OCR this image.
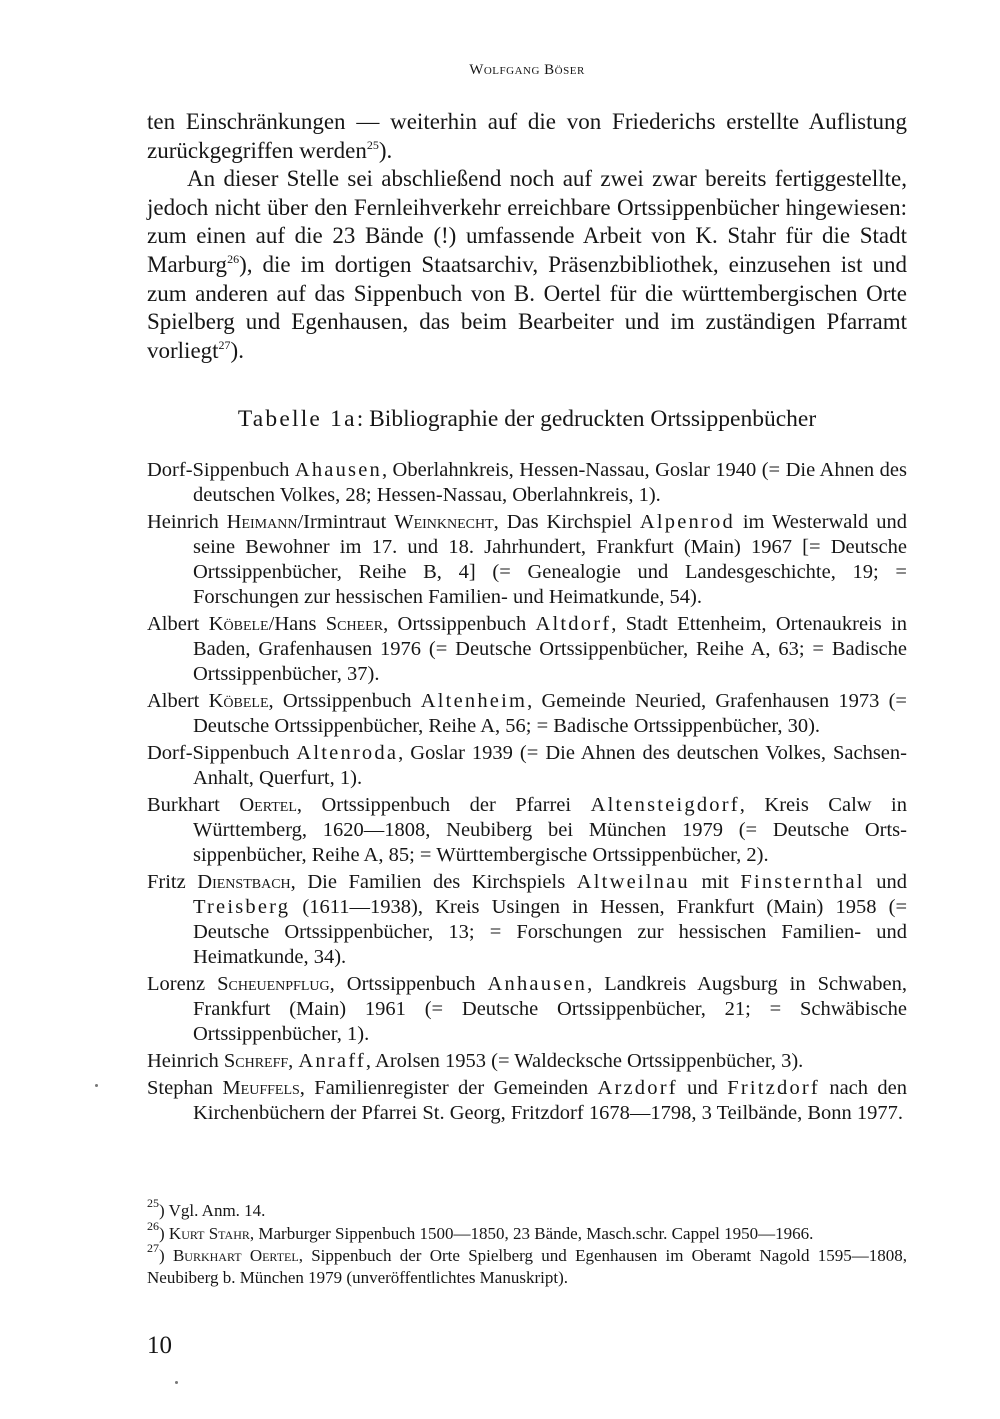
Wolfgang Böser

ten Einschränkungen — weiterhin auf die von Friederichs erstellte Auflistung zurückgegriffen werden$^{25}$).

An dieser Stelle sei abschließend noch auf zwei zwar bereits fertiggestellte, jedoch nicht über den Fernleihverkehr erreichbare Ortssippenbücher hingewiesen: zum einen auf die 23 Bände (!) umfassende Arbeit von K. Stahr für die Stadt Marburg$^{26}$), die im dortigen Staatsarchiv, Präsenzbibliothek, einzusehen ist und zum anderen auf das Sippenbuch von B. Oertel für die württembergischen Orte Spielberg und Egenhausen, das beim Bearbeiter und im zuständigen Pfarramt vorliegt$^{27}$).

Tabelle 1a: Bibliographie der gedruckten Ortssippenbücher

Dorf-Sippenbuch Ahausen, Oberlahnkreis, Hessen-Nassau, Goslar 1940 (= Die Ahnen des deutschen Volkes, 28; Hessen-Nassau, Oberlahnkreis, 1).

Heinrich Heimann/Irmintraut Weinknecht, Das Kirchspiel Alpenrod im Westerwald und seine Bewohner im 17. und 18. Jahrhundert, Frankfurt (Main) 1967 [= Deutsche Ortssippenbücher, Reihe B, 4] (= Genealogie und Landesgeschichte, 19; = Forschungen zur hessischen Familien- und Heimatkunde, 54).

Albert Köbele/Hans Scheer, Ortssippenbuch Altdorf, Stadt Ettenheim, Ortenaukreis in Baden, Grafenhausen 1976 (= Deutsche Ortssippenbücher, Reihe A, 63; = Badische Ortssippenbücher, 37).

Albert Köbele, Ortssippenbuch Altenheim, Gemeinde Neuried, Grafenhausen 1973 (= Deutsche Ortssippenbücher, Reihe A, 56; = Badische Ortssippenbücher, 30).

Dorf-Sippenbuch Altenroda, Goslar 1939 (= Die Ahnen des deutschen Volkes, Sachsen-Anhalt, Querfurt, 1).

Burkhart Oertel, Ortssippenbuch der Pfarrei Altensteigdorf, Kreis Calw in Württemberg, 1620—1808, Neubiberg bei München 1979 (= Deutsche Ortssippenbücher, Reihe A, 85; = Württembergische Ortssippenbücher, 2).

Fritz Dienstbach, Die Familien des Kirchspiels Altweilnau mit Finsternthal und Treisberg (1611—1938), Kreis Usingen in Hessen, Frankfurt (Main) 1958 (= Deutsche Ortssippenbücher, 13; = Forschungen zur hessischen Familien- und Heimatkunde, 34).

Lorenz Scheuenpflug, Ortssippenbuch Anhausen, Landkreis Augsburg in Schwaben, Frankfurt (Main) 1961 (= Deutsche Ortssippenbücher, 21; = Schwäbische Ortssippenbücher, 1).

Heinrich Schreff, Anraff, Arolsen 1953 (= Waldecksche Ortssippenbücher, 3).

Stephan Meuffels, Familienregister der Gemeinden Arzdorf und Fritzdorf nach den Kirchenbüchern der Pfarrei St. Georg, Fritzdorf 1678—1798, 3 Teilbände, Bonn 1977.

$^{25}$) Vgl. Anm. 14.

$^{26}$) Kurt Stahr, Marburger Sippenbuch 1500—1850, 23 Bände, Masch.schr. Cappel 1950—1966.

$^{27}$) Burkhart Oertel, Sippenbuch der Orte Spielberg und Egenhausen im Oberamt Nagold 1595—1808, Neubiberg b. München 1979 (unveröffentlichtes Manuskript).

10
